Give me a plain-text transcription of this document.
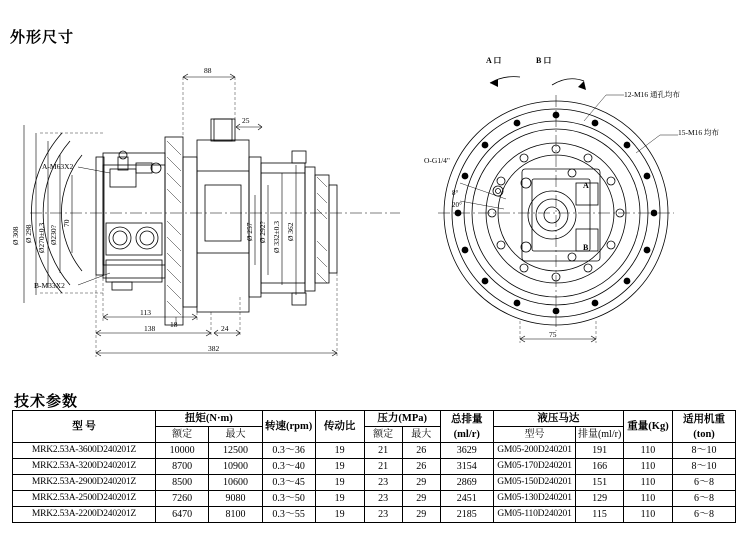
外形尺寸
技术参数
88
25
Ø 308 Ø 298 Ø270±0.3 Ø230?
70	Ø 257 Ø 292? Ø 332±0.3 Ø 362
A-M63X2
B-M33X2
18
113
138	24
382
A 口	B 口
12-M16 通孔均布
15-M16 均布
O-G1/4"
8°
20°
A
B
75
型 号	扭矩(N·m)		转速(rpm)	传动比	压力(MPa)		总排量(ml/r)	液压马达		重量(Kg)	适用机重(ton)
	额定	最大			额定	最大		型号	排量(ml/r)		
MRK2.53A-3600D240201Z	10000	12500	0.3～36	19	21	26	3629	GM05-200D240201	191	110	8～10
MRK2.53A-3200D240201Z	8700	10900	0.3～40	19	21	26	3154	GM05-170D240201	166	110	8～10
MRK2.53A-2900D240201Z	8500	10600	0.3～45	19	23	29	2869	GM05-150D240201	151	110	6～8
MRK2.53A-2500D240201Z	7260	9080	0.3～50	19	23	29	2451	GM05-130D240201	129	110	6～8
MRK2.53A-2200D240201Z	6470	8100	0.3～55	19	23	29	2185	GM05-110D240201	115	110	6～8
